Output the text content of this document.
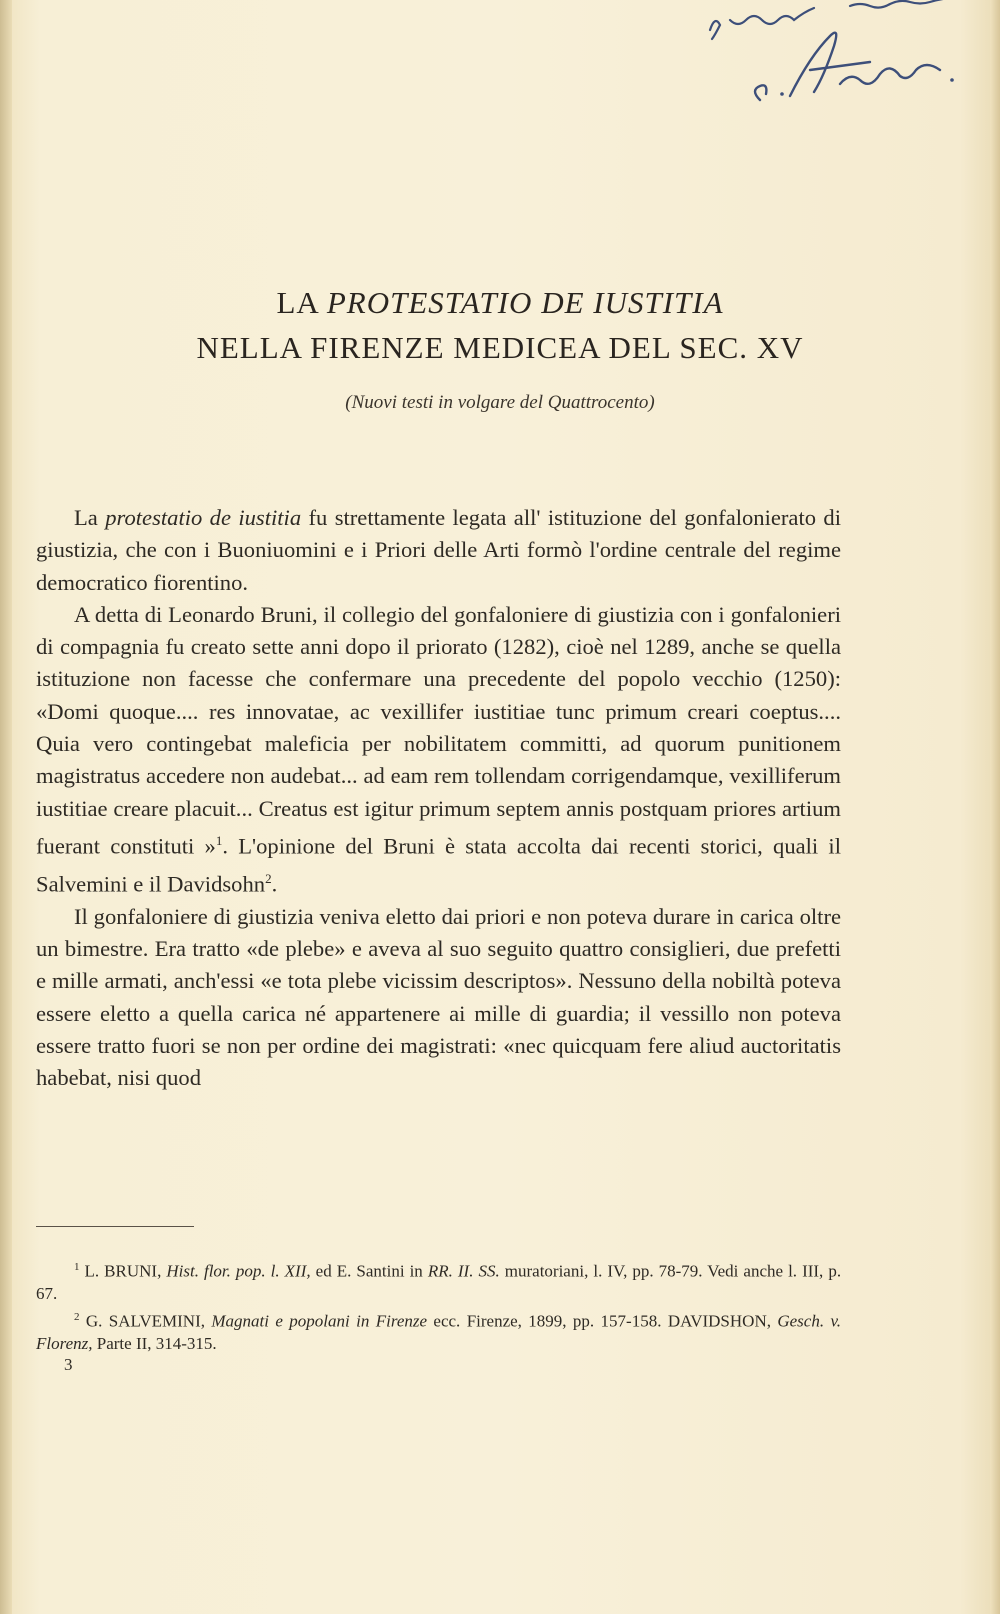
LA PROTESTATIO DE IUSTITIA
NELLA FIRENZE MEDICEA DEL SEC. XV
(Nuovi testi in volgare del Quattrocento)

La protestatio de iustitia fu strettamente legata all' istituzione del gonfalonierato di giustizia, che con i Buoniuomini e i Priori delle Arti formò l'ordine centrale del regime democratico fiorentino.

A detta di Leonardo Bruni, il collegio del gonfaloniere di giustizia con i gonfalonieri di compagnia fu creato sette anni dopo il priorato (1282), cioè nel 1289, anche se quella istituzione non facesse che confermare una precedente del popolo vecchio (1250): «Domi quoque.... res innovatae, ac vexillifer iustitiae tunc primum creari coeptus.... Quia vero contingebat maleficia per nobilitatem committi, ad quorum punitionem magistratus accedere non audebat... ad eam rem tollendam corrigendamque, vexilliferum iustitiae creare placuit... Creatus est igitur primum septem annis postquam priores artium fuerant constituti »$^1$. L'opinione del Bruni è stata accolta dai recenti storici, quali il Salvemini e il Davidsohn$^2$.

Il gonfaloniere di giustizia veniva eletto dai priori e non poteva durare in carica oltre un bimestre. Era tratto «de plebe» e aveva al suo seguito quattro consiglieri, due prefetti e mille armati, anch'essi «e tota plebe vicissim descriptos». Nessuno della nobiltà poteva essere eletto a quella carica né appartenere ai mille di guardia; il vessillo non poteva essere tratto fuori se non per ordine dei magistrati: «nec quicquam fere aliud auctoritatis habebat, nisi quod

$^1$ L. BRUNI, Hist. flor. pop. l. XII, ed E. Santini in RR. II. SS. muratoriani, l. IV, pp. 78-79. Vedi anche l. III, p. 67.

$^2$ G. SALVEMINI, Magnati e popolani in Firenze ecc. Firenze, 1899, pp. 157-158. DAVIDSHON, Gesch. v. Florenz, Parte II, 314-315.

3
